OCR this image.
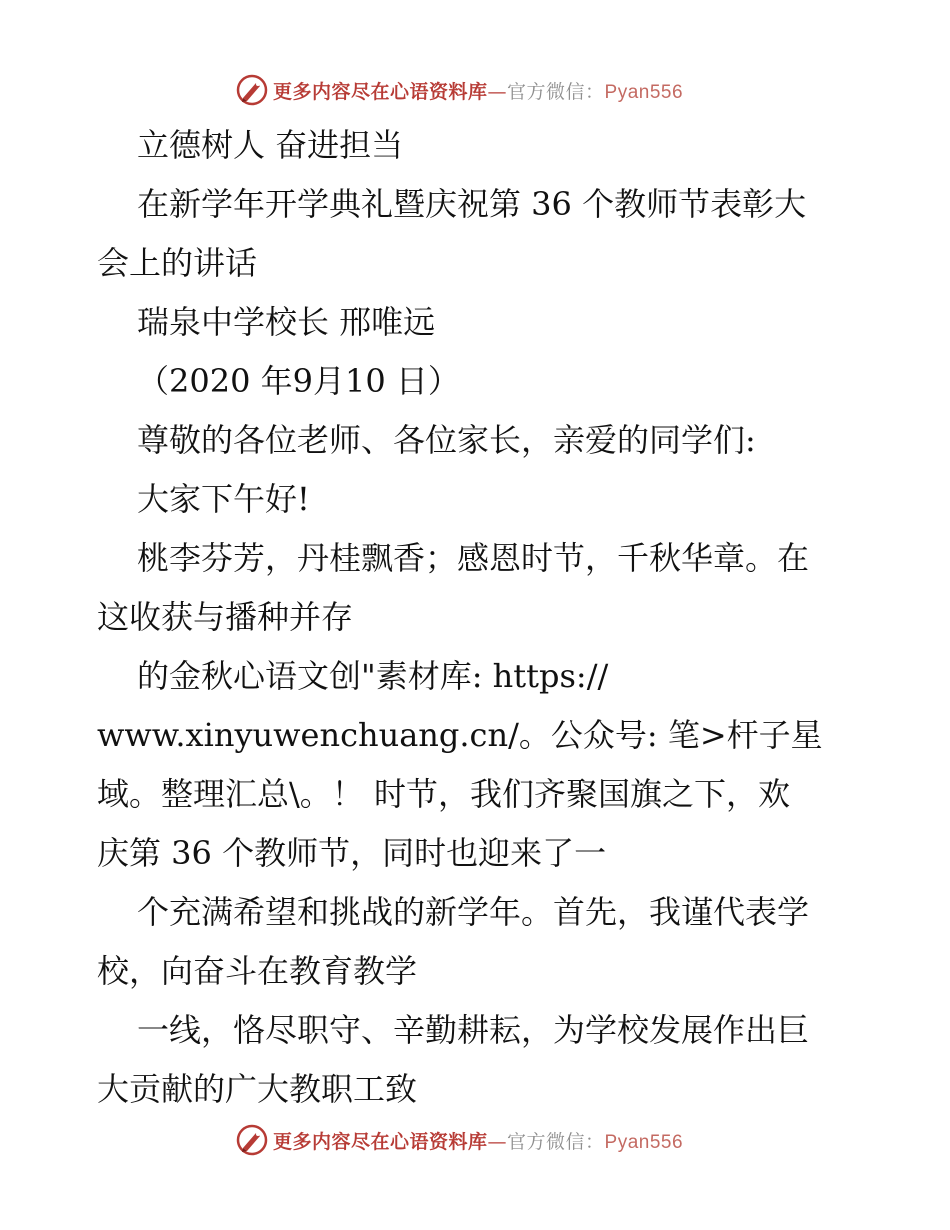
更多内容尽在心语资料库—官方微信：Pyan556
立德树人 奋进担当
在新学年开学典礼暨庆祝第 36 个教师节表彰大
会上的讲话
瑞泉中学校长 邢唯远
（2020 年9月10 日）
尊敬的各位老师、各位家长，亲爱的同学们:
大家下午好!
桃李芬芳，丹桂飘香；感恩时节，千秋华章。在
这收获与播种并存
的金秋心语文创"素材库: https://
www.xinyuwenchuang.cn/。公众号: 笔>杆子星
域。整理汇总\。！ 时节，我们齐聚国旗之下，欢
庆第 36 个教师节，同时也迎来了一
个充满希望和挑战的新学年。首先，我谨代表学
校，向奋斗在教育教学
一线，恪尽职守、辛勤耕耘，为学校发展作出巨
大贡献的广大教职工致
更多内容尽在心语资料库—官方微信：Pyan556
